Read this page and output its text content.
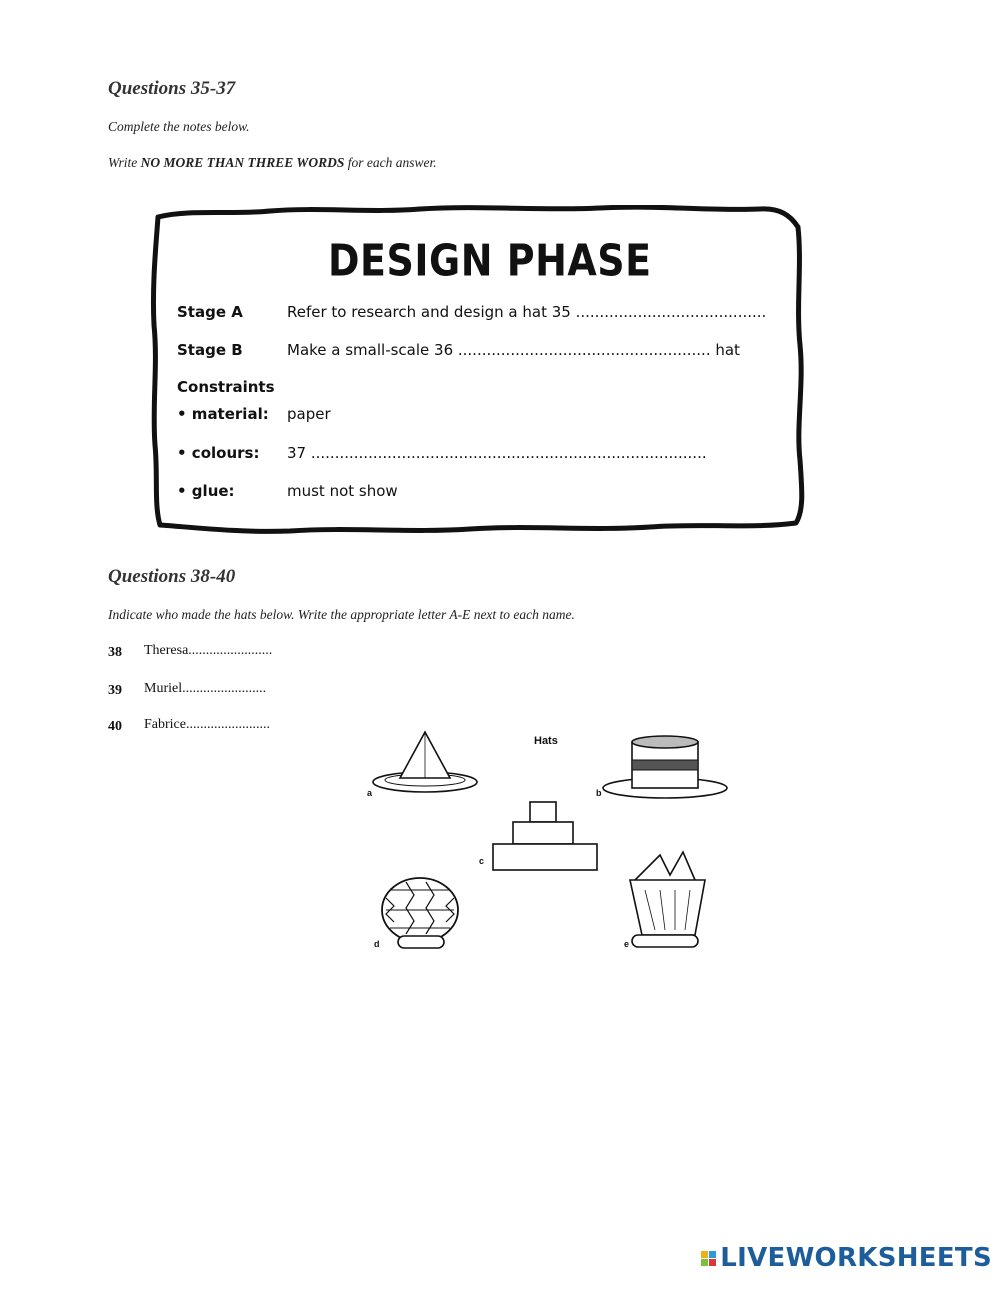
Questions 35-37
Complete the notes below.
Write NO MORE THAN THREE WORDS for each answer.
DESIGN PHASE
Stage A	Refer to research and design a hat 35 ........................................
Stage B	Make a small-scale 36 ..................................................... hat
Constraints
• material: paper
• colours: 37 ...................................................................................
• glue:	must not show
Questions 38-40
Indicate who made the hats below. Write the appropriate letter A-E next to each name.
38 Theresa........................
39 Muriel........................
40 Fabrice........................
Hats
a	b
c
d	e
LIVEWORKSHEETS
